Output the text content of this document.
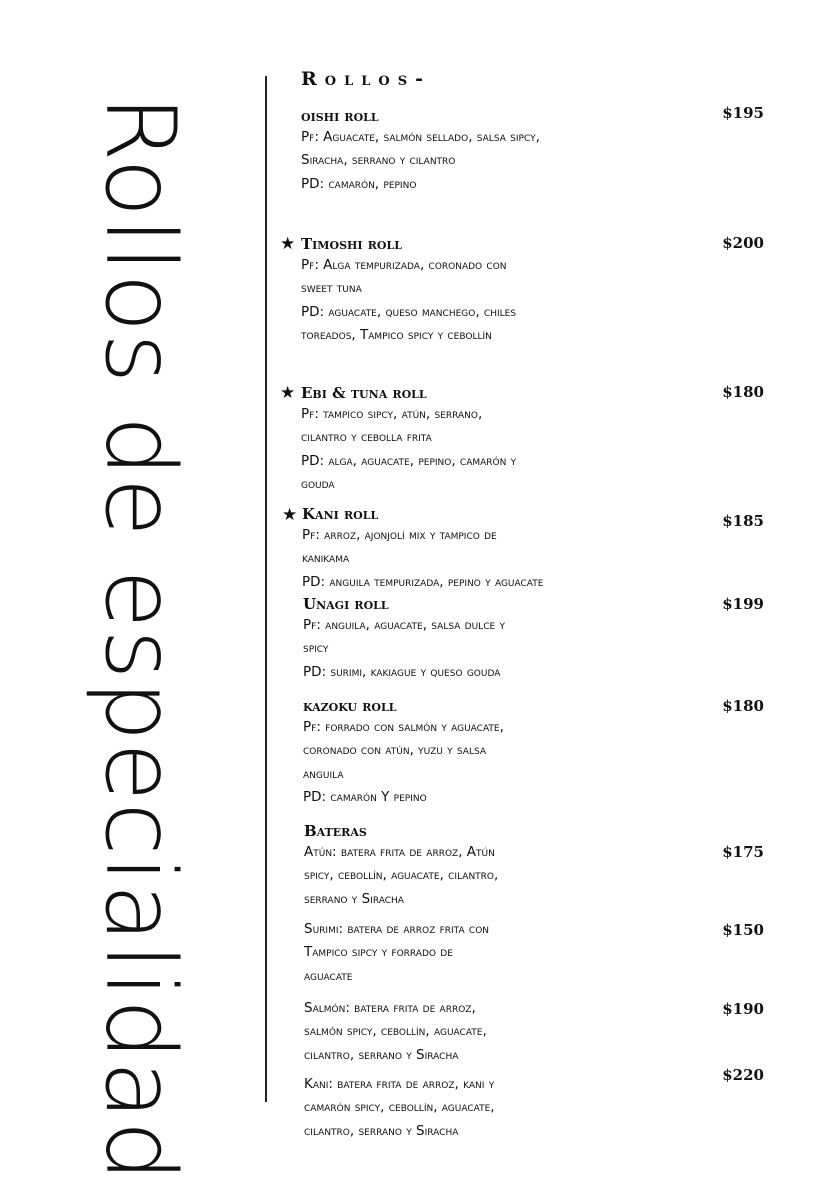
Rollos de especialidad
Rollos-
oishi roll
Pf: Aguacate, salmón sellado, salsa sipcy,
Siracha, serrano y cilantro
PD: camarón, pepino
$195
★ Timoshi roll
Pf: Alga tempurizada, coronado con
sweet tuna
PD: aguacate, queso manchego, chiles
toreados, Tampico spicy y cebollín
$200
★ Ebi & tuna roll
Pf: tampico sipcy, atún, serrano,
cilantro y cebolla frita
PD: alga, aguacate, pepino, camarón y
gouda
$180
★ Kani roll
Pf: arroz, ajonjolí mix y tampico de
kanikama
PD: anguila tempurizada, pepino y aguacate
$185
Unagi roll
Pf: anguila, aguacate, salsa dulce y
spicy
PD: surimi, kakiague y queso gouda
$199
kazoku roll
Pf: forrado con salmón y aguacate,
coronado con atún, yuzu y salsa
anguila
PD: camarón Y pepino
$180
Bateras
Atún: batera frita de arroz, Atún
spicy, cebollín, aguacate, cilantro,
serrano y Siracha
$175
Surimi: batera de arroz frita con
Tampico sipcy y forrado de
aguacate
$150
Salmón: batera frita de arroz,
salmón spicy, cebollín, aguacate,
cilantro, serrano y Siracha
$190
Kani: batera frita de arroz, kani y
camarón spicy, cebollín, aguacate,
cilantro, serrano y Siracha
$220
